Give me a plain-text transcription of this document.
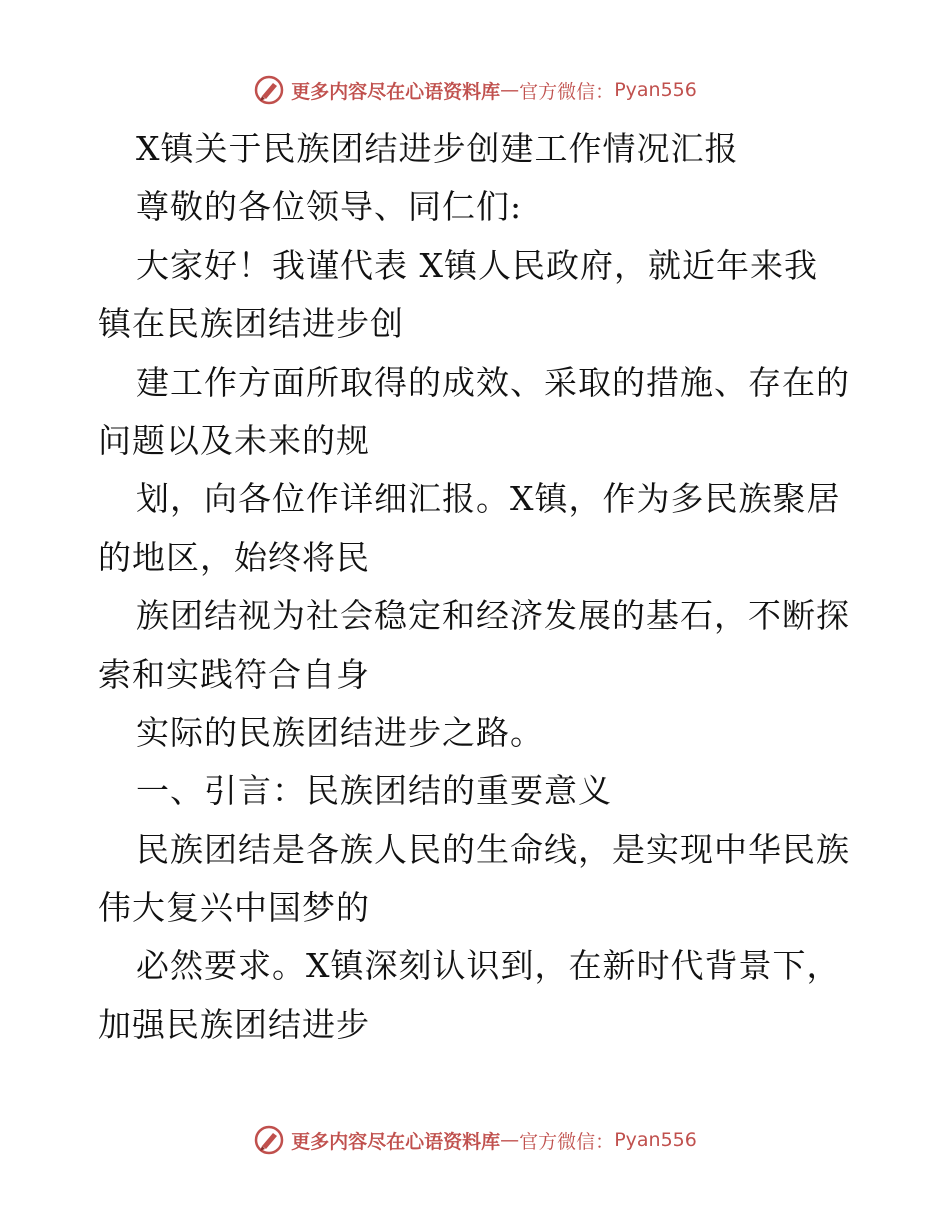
更多内容尽在心语资料库 — 官方微信： Pyan556
X镇关于民族团结进步创建工作情况汇报
尊敬的各位领导、同仁们:
大家好！我谨代表 X镇人民政府，就近年来我
镇在民族团结进步创
建工作方面所取得的成效、采取的措施、存在的
问题以及未来的规
划，向各位作详细汇报。X镇，作为多民族聚居
的地区，始终将民
族团结视为社会稳定和经济发展的基石，不断探
索和实践符合自身
实际的民族团结进步之路。
一、引言：民族团结的重要意义
民族团结是各族人民的生命线，是实现中华民族
伟大复兴中国梦的
必然要求。X镇深刻认识到，在新时代背景下，
加强民族团结进步
更多内容尽在心语资料库 — 官方微信： Pyan556
